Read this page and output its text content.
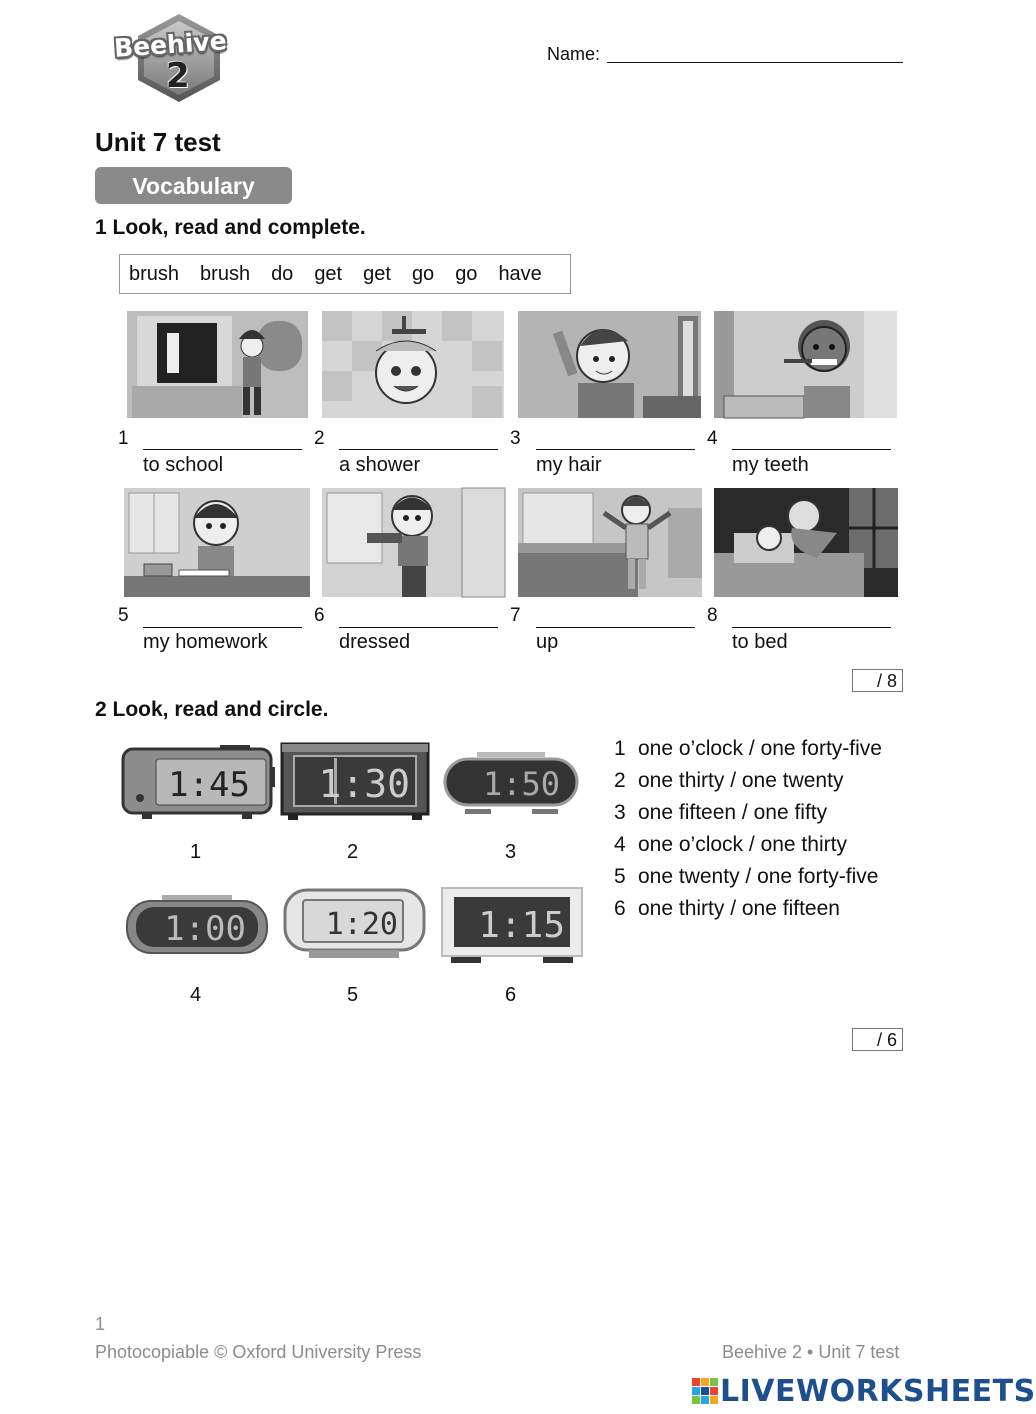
Beehive
2
Name:
Unit 7 test
Vocabulary
1 Look, read and complete.
brush brush do get get go go have
1
to school
2
a shower
3
my hair
4
my teeth
5
my homework
6
dressed
7
up
8
to bed
/ 8
2 Look, read and circle.
1:45 1:30 1:50
1:00	1:20 1:15
1	2	3
4	5	6
1 one o’clock / one forty-five
2 one thirty / one twenty
3 one fifteen / one fifty
4 one o’clock / one thirty
5 one twenty / one forty-five
6 one thirty / one fifteen
/ 6
1
Photocopiable © Oxford University Press	Beehive 2 • Unit 7 test
LIVEWORKSHEETS
